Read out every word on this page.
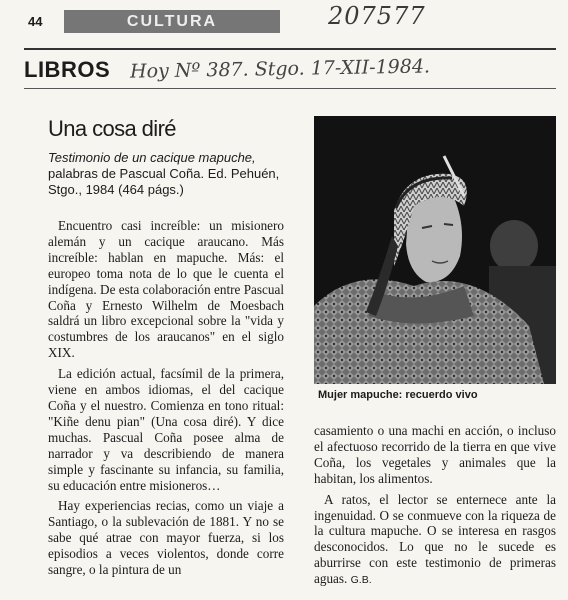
44	CULTURA	207577
LIBROS Hoy Nº 387. Stgo. 17-XII-1984.
Una cosa diré
Testimonio de un cacique mapuche,
palabras de Pascual Coña. Ed. Pehuén, Stgo., 1984 (464 págs.)
Mujer mapuche: recuerdo vivo

Encuentro casi increíble: un misionero alemán y un cacique araucano. Más increíble: hablan en mapuche. Más: el europeo toma nota de lo que le cuenta el indígena. De esta colaboración entre Pascual Coña y Ernesto Wilhelm de Moesbach saldrá un libro excepcional sobre la "vida y costumbres de los araucanos" en el siglo XIX.

La edición actual, facsímil de la primera, viene en ambos idiomas, el del cacique Coña y el nuestro. Comienza en tono ritual: "Kiñe denu pian" (Una cosa diré). Y dice muchas. Pascual Coña posee alma de narrador y va describiendo de manera simple y fascinante su infancia, su familia, su educación entre misioneros…

Hay experiencias recias, como un viaje a Santiago, o la sublevación de 1881. Y no se sabe qué atrae con mayor fuerza, si los episodios a veces violentos, donde corre sangre, o la pintura de un

casamiento o una machi en acción, o incluso el afectuoso recorrido de la tierra en que vive Coña, los vegetales y animales que la habitan, los alimentos.

A ratos, el lector se enternece ante la ingenuidad. O se conmueve con la riqueza de la cultura mapuche. O se interesa en rasgos desconocidos. Lo que no le sucede es aburrirse con este testimonio de primeras aguas. G.B.
